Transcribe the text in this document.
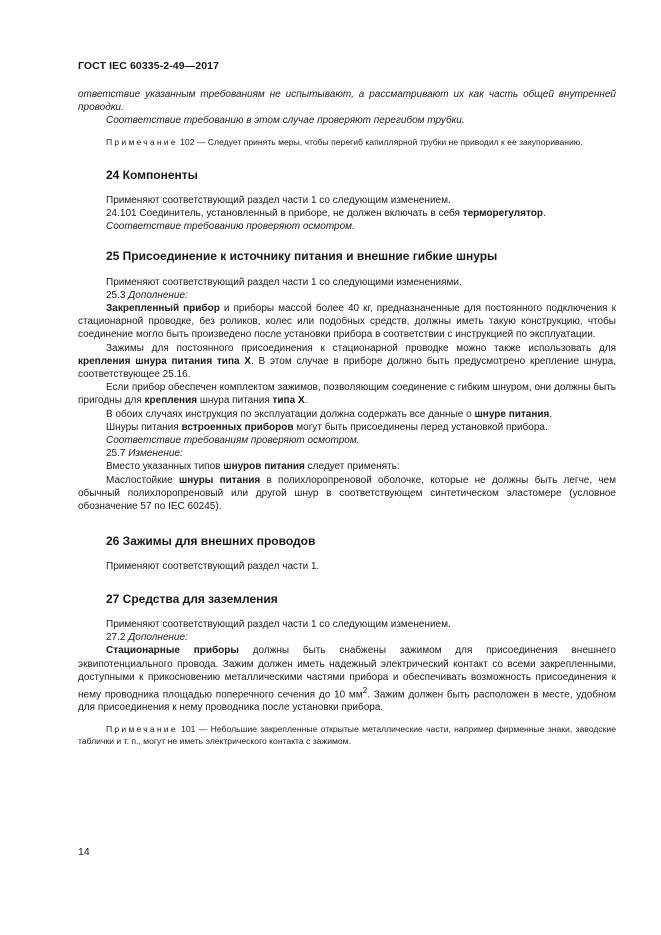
ГОСТ IEC 60335-2-49—2017

ответствие указанным требованиям не испытывают, а рассматривают их как часть общей внутренней проводки.

Соответствие требованию в этом случае проверяют перегибом трубки.

Примечание 102 — Следует принять меры, чтобы перегиб капиллярной трубки не приводил к ее закупориванию.

24 Компоненты

Применяют соответствующий раздел части 1 со следующим изменением.

24.101 Соединитель, установленный в приборе, не должен включать в себя терморегулятор.

Соответствие требованию проверяют осмотром.

25 Присоединение к источнику питания и внешние гибкие шнуры

Применяют соответствующий раздел части 1 со следующими изменениями.

25.3 Дополнение:

Закрепленный прибор и приборы массой более 40 кг, предназначенные для постоянного подключения к стационарной проводке, без роликов, колес или подобных средств, должны иметь такую конструкцию, чтобы соединение могло быть произведено после установки прибора в соответствии с инструкцией по эксплуатации.

Зажимы для постоянного присоединения к стационарной проводке можно также использовать для крепления шнура питания типа X. В этом случае в приборе должно быть предусмотрено крепление шнура, соответствующее 25.16.

Если прибор обеспечен комплектом зажимов, позволяющим соединение с гибким шнуром, они должны быть пригодны для крепления шнура питания типа X.

В обоих случаях инструкция по эксплуатации должна содержать все данные о шнуре питания.

Шнуры питания встроенных приборов могут быть присоединены перед установкой прибора.

Соответствие требованиям проверяют осмотром.

25.7 Изменение:

Вместо указанных типов шнуров питания следует применять:

Маслостойкие шнуры питания в полихлоропреновой оболочке, которые не должны быть легче, чем обычный полихлоропреновый или другой шнур в соответствующем синтетическом эластомере (условное обозначение 57 по IEC 60245).

26 Зажимы для внешних проводов

Применяют соответствующий раздел части 1.

27 Средства для заземления

Применяют соответствующий раздел части 1 со следующим изменением.

27.2 Дополнение:

Стационарные приборы должны быть снабжены зажимом для присоединения внешнего эквипотенциального провода. Зажим должен иметь надежный электрический контакт со всеми закрепленными, доступными к прикосновению металлическими частями прибора и обеспечивать возможность присоединения к нему проводника площадью поперечного сечения до 10 $мм^2$. Зажим должен быть расположен в месте, удобном для присоединения к нему проводника после установки прибора.

Примечание 101 — Небольшие закрепленные открытые металлические части, например фирменные знаки, заводские таблички и т. п., могут не иметь электрического контакта с зажимом.

14
